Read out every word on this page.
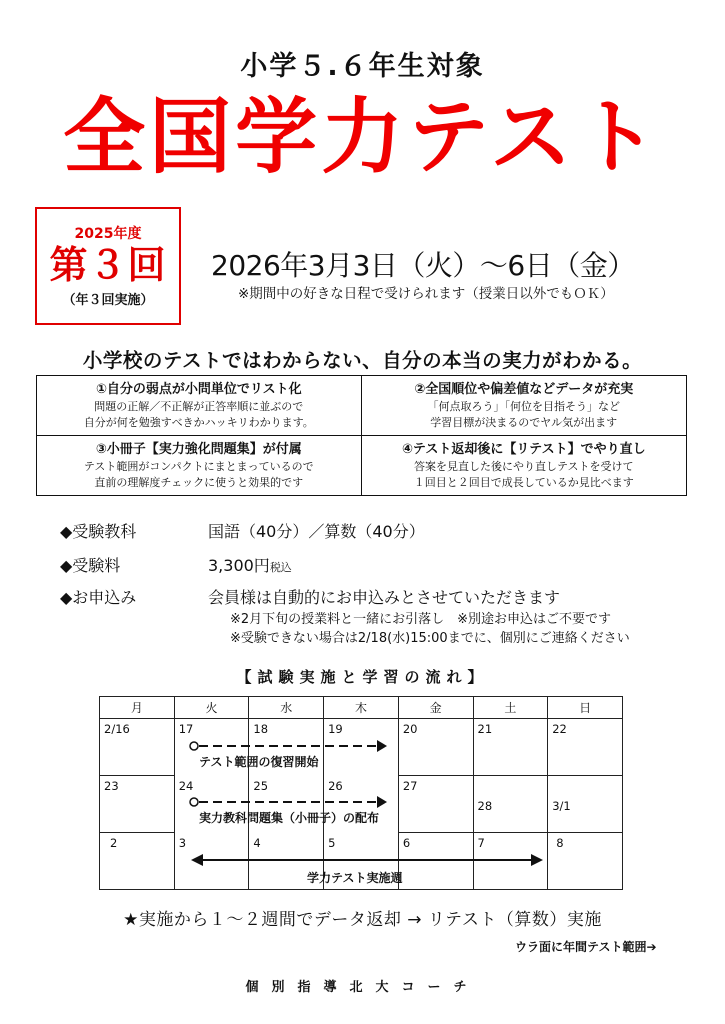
小学５.６年生対象
全国学力テスト
2025年度
第３回
（年３回実施）
2026年3月3日（火）～6日（金）
※期間中の好きな日程で受けられます（授業日以外でもＯＫ）
小学校のテストではわからない、自分の本当の実力がわかる。
①自分の弱点が小問単位でリスト化
問題の正解／不正解が正答率順に並ぶので
自分が何を勉強すべきかハッキリわかります。
②全国順位や偏差値などデータが充実
「何点取ろう」「何位を目指そう」など
学習目標が決まるのでヤル気が出ます
③小冊子【実力強化問題集】が付属
テスト範囲がコンパクトにまとまっているので
直前の理解度チェックに使うと効果的です
④テスト返却後に【リテスト】でやり直し
答案を見直した後にやり直しテストを受けて
１回目と２回目で成長しているか見比べます
◆受験教科	国語（40分）／算数（40分）
◆受験料	3,300円税込
◆お申込み	会員様は自動的にお申込みとさせていただきます
※2月下旬の授業料と一緒にお引落し　※別途お申込はご不要です
※受験できない場合は2/18(水)15:00までに、個別にご連絡ください
【試験実施と学習の流れ】
月	火	水	木	金	土	日
2/16	17	18	19	20	21	22
23	24	25	26	27	28	3/1
2	3	4	5	6	7	8
テスト範囲の復習開始
実力教科問題集（小冊子）の配布
学力テスト実施週
★実施から１～２週間でデータ返却 → リテスト（算数）実施
ウラ面に年間テスト範囲➔
個別指導北大コーチ
